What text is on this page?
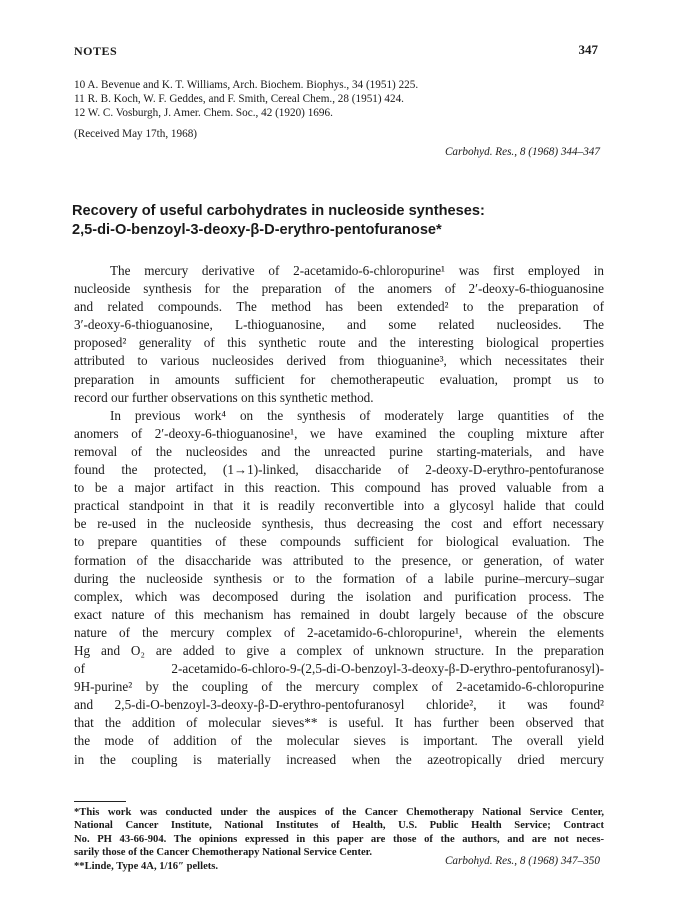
NOTES	347
10 A. Bevenue and K. T. Williams, Arch. Biochem. Biophys., 34 (1951) 225.
11 R. B. Koch, W. F. Geddes, and F. Smith, Cereal Chem., 28 (1951) 424.
12 W. C. Vosburgh, J. Amer. Chem. Soc., 42 (1920) 1696.
(Received May 17th, 1968)
Carbohyd. Res., 8 (1968) 344–347
Recovery of useful carbohydrates in nucleoside syntheses:
2,5-di-O-benzoyl-3-deoxy-β-D-erythro-pentofuranose*
The mercury derivative of 2-acetamido-6-chloropurine¹ was first employed in
nucleoside synthesis for the preparation of the anomers of 2′-deoxy-6-thioguanosine
and related compounds. The method has been extended² to the preparation of
3′-deoxy-6-thioguanosine, L-thioguanosine, and some related nucleosides. The
proposed² generality of this synthetic route and the interesting biological properties
attributed to various nucleosides derived from thioguanine³, which necessitates their
preparation in amounts sufficient for chemotherapeutic evaluation, prompt us to
record our further observations on this synthetic method.
In previous work⁴ on the synthesis of moderately large quantities of the
anomers of 2′-deoxy-6-thioguanosine¹, we have examined the coupling mixture after
removal of the nucleosides and the unreacted purine starting-materials, and have
found the protected, (1→1)-linked, disaccharide of 2-deoxy-D-erythro-pentofuranose
to be a major artifact in this reaction. This compound has proved valuable from a
practical standpoint in that it is readily reconvertible into a glycosyl halide that could
be re-used in the nucleoside synthesis, thus decreasing the cost and effort necessary
to prepare quantities of these compounds sufficient for biological evaluation. The
formation of the disaccharide was attributed to the presence, or generation, of water
during the nucleoside synthesis or to the formation of a labile purine–mercury–sugar
complex, which was decomposed during the isolation and purification process. The
exact nature of this mechanism has remained in doubt largely because of the obscure
nature of the mercury complex of 2-acetamido-6-chloropurine¹, wherein the elements
Hg and O₂ are added to give a complex of unknown structure. In the preparation
of 2-acetamido-6-chloro-9-(2,5-di-O-benzoyl-3-deoxy-β-D-erythro-pentofuranosyl)-
9H-purine² by the coupling of the mercury complex of 2-acetamido-6-chloropurine
and 2,5-di-O-benzoyl-3-deoxy-β-D-erythro-pentofuranosyl chloride², it was found²
that the addition of molecular sieves** is useful. It has further been observed that
the mode of addition of the molecular sieves is important. The overall yield
in the coupling is materially increased when the azeotropically dried mercury
*This work was conducted under the auspices of the Cancer Chemotherapy National Service Center,
National Cancer Institute, National Institutes of Health, U.S. Public Health Service; Contract
No. PH 43-66-904. The opinions expressed in this paper are those of the authors, and are not neces-
sarily those of the Cancer Chemotherapy National Service Center.
**Linde, Type 4A, 1/16″ pellets.	Carbohyd. Res., 8 (1968) 347–350
